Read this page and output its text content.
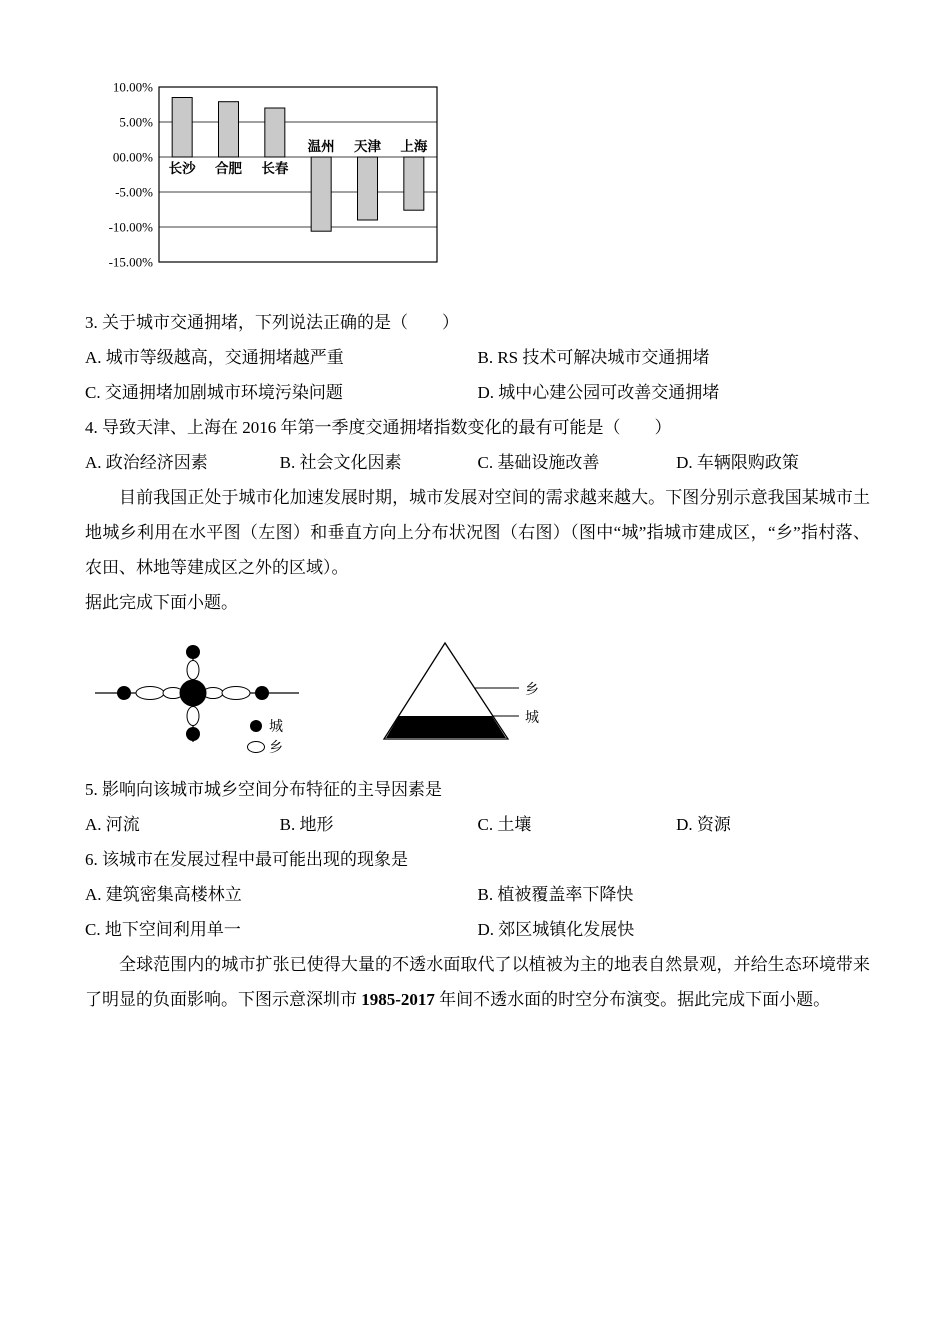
10.00%
5.00%
00.00%
-5.00%
-10.00%
-15.00%
长沙 合肥 长春
温州 天津 上海
3. 关于城市交通拥堵，下列说法正确的是（　　）
A. 城市等级越高，交通拥堵越严重	B. RS 技术可解决城市交通拥堵
C. 交通拥堵加剧城市环境污染问题	D. 城中心建公园可改善交通拥堵
4. 导致天津、上海在 2016 年第一季度交通拥堵指数变化的最有可能是（　　）
A. 政治经济因素	B. 社会文化因素	C. 基础设施改善	D. 车辆限购政策
目前我国正处于城市化加速发展时期，城市发展对空间的需求越来越大。下图分别示意我国某城市土地城乡利用在水平图（左图）和垂直方向上分布状况图（右图）（图中“城”指城市建成区，“乡”指村落、农田、林地等建成区之外的区域）。
据此完成下面小题。
城
乡
乡
城
5. 影响向该城市城乡空间分布特征的主导因素是
A. 河流	B. 地形	C. 土壤	D. 资源
6. 该城市在发展过程中最可能出现的现象是
A. 建筑密集高楼林立	B. 植被覆盖率下降快
C. 地下空间利用单一	D. 郊区城镇化发展快
全球范围内的城市扩张已使得大量的不透水面取代了以植被为主的地表自然景观，并给生态环境带来了明显的负面影响。下图示意深圳市 1985-2017 年间不透水面的时空分布演变。据此完成下面小题。
